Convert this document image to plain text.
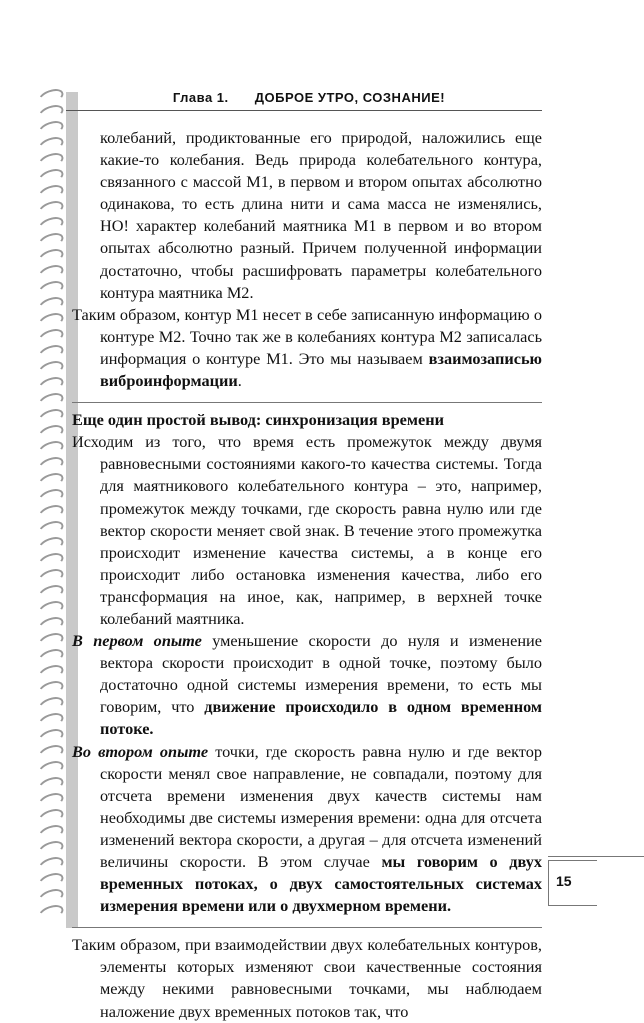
Глава 1. ДОБРОЕ УТРО, СОЗНАНИЕ!

колебаний, продиктованные его природой, наложились еще какие-то колебания. Ведь природа колебательного контура, связанного с массой М1, в первом и втором опытах абсолютно одинакова, то есть длина нити и сама масса не изменялись, НО! характер колебаний маятника М1 в первом и во втором опытах абсолютно разный. Причем полученной информации достаточно, чтобы расшифровать параметры колебательного контура маятника М2.

Таким образом, контур М1 несет в себе записанную информацию о контуре М2. Точно так же в колебаниях контура М2 записалась информация о контуре М1. Это мы называем взаимозаписью виброинформации.

Еще один простой вывод: синхронизация времени

Исходим из того, что время есть промежуток между двумя равновесными состояниями какого-то качества системы. Тогда для маятникового колебательного контура – это, например, промежуток между точками, где скорость равна нулю или где вектор скорости меняет свой знак. В течение этого промежутка происходит изменение качества системы, а в конце его происходит либо остановка изменения качества, либо его трансформация на иное, как, например, в верхней точке колебаний маятника.

В первом опыте уменьшение скорости до нуля и изменение вектора скорости происходит в одной точке, поэтому было достаточно одной системы измерения времени, то есть мы говорим, что движение происходило в одном временном потоке.

Во втором опыте точки, где скорость равна нулю и где вектор скорости менял свое направление, не совпадали, поэтому для отсчета времени изменения двух качеств системы нам необходимы две системы измерения времени: одна для отсчета изменений вектора скорости, а другая – для отсчета изменений величины скорости. В этом случае мы говорим о двух временных потоках, о двух самостоятельных системах измерения времени или о двухмерном времени.

Таким образом, при взаимодействии двух колебательных контуров, элементы которых изменяют свои качественные состояния между некими равновесными точками, мы наблюдаем наложение двух временных потоков так, что

15
